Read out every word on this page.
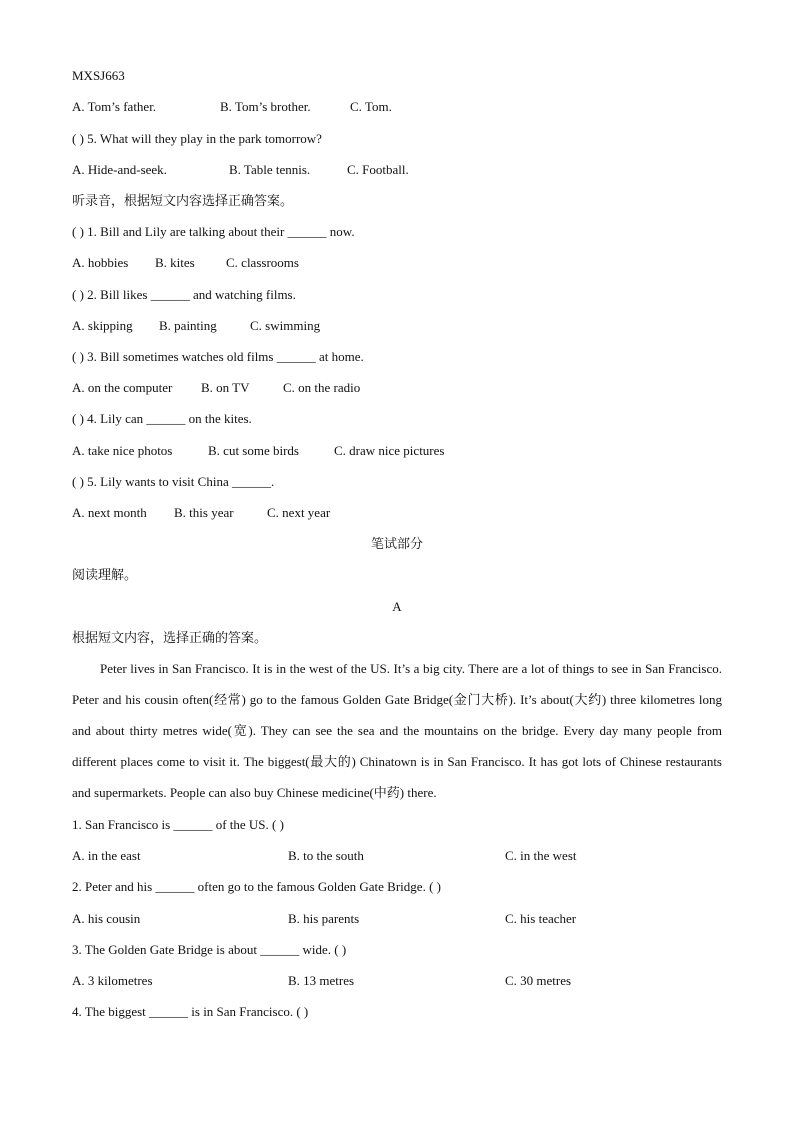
MXSJ663
A. Tom’s father.	B. Tom’s brother.	C. Tom.
( ) 5. What will they play in the park tomorrow?
A. Hide-and-seek.	B. Table tennis.	C. Football.
听录音，根据短文内容选择正确答案。
( ) 1. Bill and Lily are talking about their ______ now.
A. hobbies	B. kites	C. classrooms
( ) 2. Bill likes ______ and watching films.
A. skipping	B. painting	C. swimming
( ) 3. Bill sometimes watches old films ______ at home.
A. on the computer	B. on TV	C. on the radio
( ) 4. Lily can ______ on the kites.
A. take nice photos	B. cut some birds	C. draw nice pictures
( ) 5. Lily wants to visit China ______.
A. next month	B. this year	C. next year
笔试部分
阅读理解。
A
根据短文内容，选择正确的答案。
Peter lives in San Francisco. It is in the west of the US. It’s a big city. There are a lot of things to see in San Francisco. Peter and his cousin often(经常) go to the famous Golden Gate Bridge(金门大桥). It’s about(大约) three kilometres long and about thirty metres wide(宽). They can see the sea and the mountains on the bridge. Every day many people from different places come to visit it. The biggest(最大的) Chinatown is in San Francisco. It has got lots of Chinese restaurants and supermarkets. People can also buy Chinese medicine(中药) there.
1. San Francisco is ______ of the US. ( )
A. in the east	B. to the south	C. in the west
2. Peter and his ______ often go to the famous Golden Gate Bridge. ( )
A. his cousin	B. his parents	C. his teacher
3. The Golden Gate Bridge is about ______ wide. ( )
A. 3 kilometres	B. 13 metres	C. 30 metres
4. The biggest ______ is in San Francisco. ( )
